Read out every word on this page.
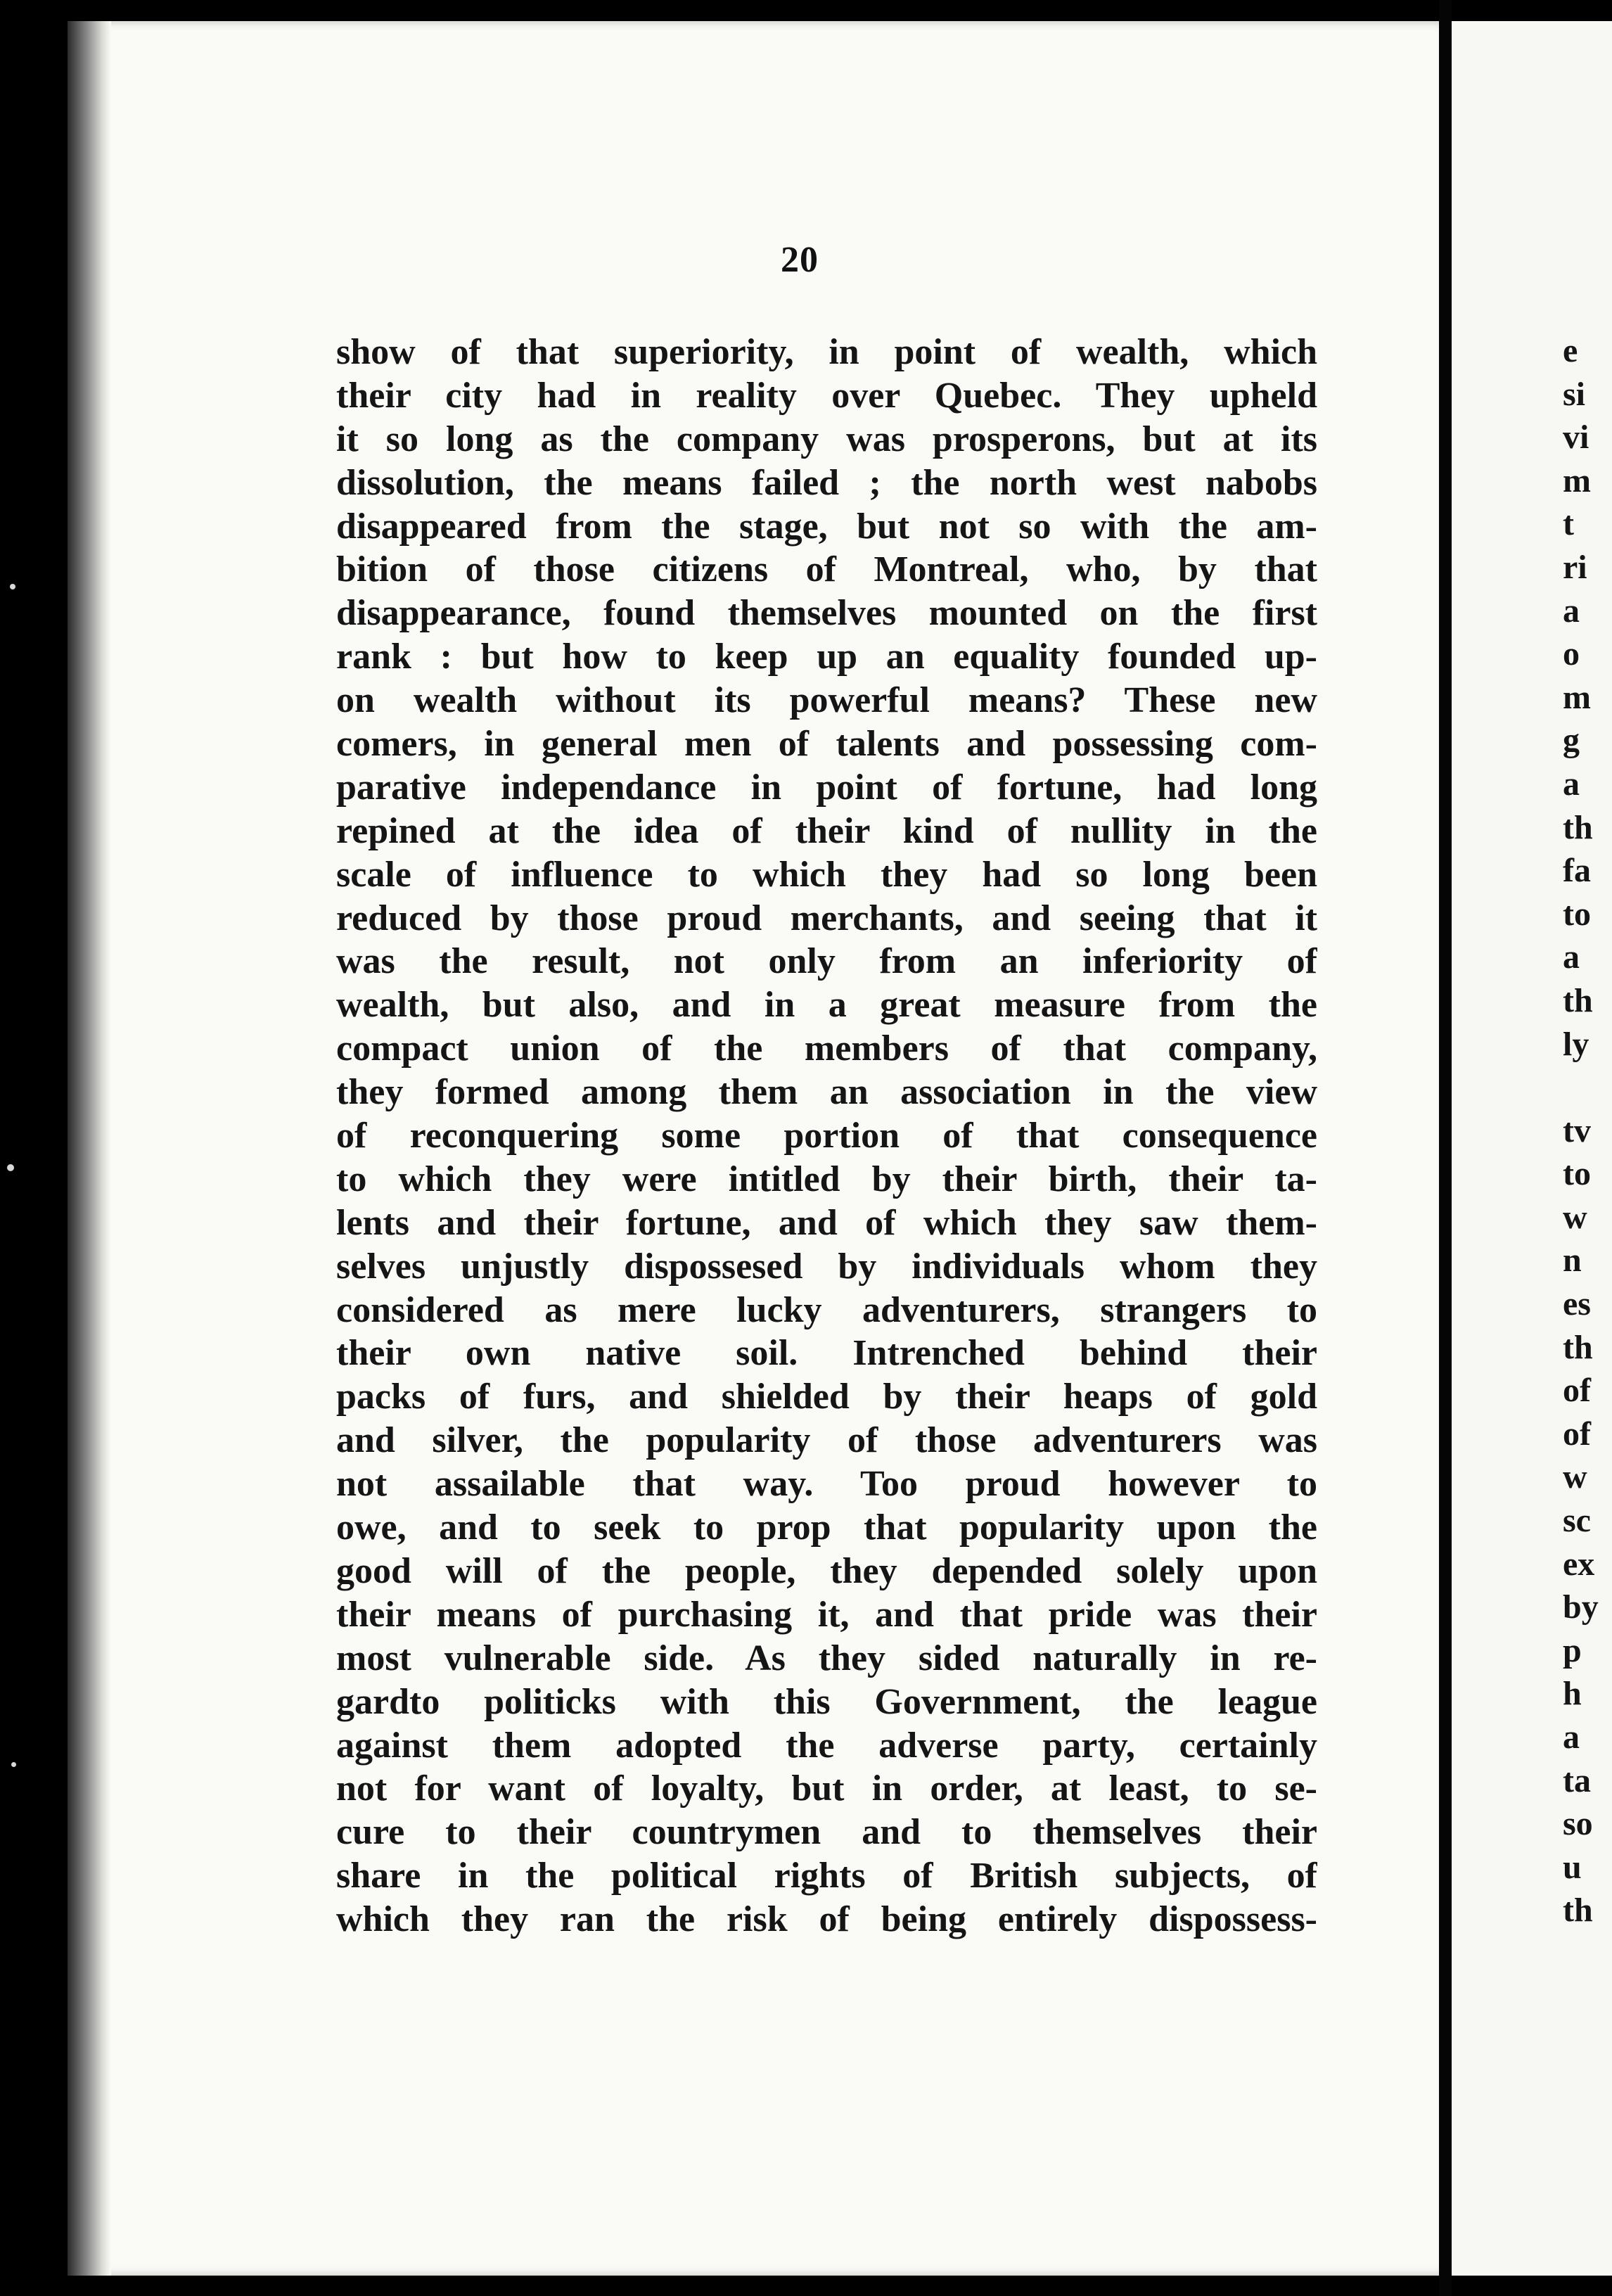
20
show of that superiority, in point of wealth, which
their city had in reality over Quebec. They upheld
it so long as the company was prosperons, but at its
dissolution, the means failed ; the north west nabobs
disappeared from the stage, but not so with the am-
bition of those citizens of Montreal, who, by that
disappearance, found themselves mounted on the first
rank : but how to keep up an equality founded up-
on wealth without its powerful means? These new
comers, in general men of talents and possessing com-
parative independance in point of fortune, had long
repined at the idea of their kind of nullity in the
scale of influence to which they had so long been
reduced by those proud merchants, and seeing that it
was the result, not only from an inferiority of
wealth, but also, and in a great measure from the
compact union of the members of that company,
they formed among them an association in the view
of reconquering some portion of that consequence
to which they were intitled by their birth, their ta-
lents and their fortune, and of which they saw them-
selves unjustly dispossesed by individuals whom they
considered as mere lucky adventurers, strangers to
their own native soil. Intrenched behind their
packs of furs, and shielded by their heaps of gold
and silver, the popularity of those adventurers was
not assailable that way. Too proud however to
owe, and to seek to prop that popularity upon the
good will of the people, they depended solely upon
their means of purchasing it, and that pride was their
most vulnerable side. As they sided naturally in re-
gardto politicks with this Government, the league
against them adopted the adverse party, certainly
not for want of loyalty, but in order, at least, to se-
cure to their countrymen and to themselves their
share in the political rights of British subjects, of
which they ran the risk of being entirely dispossess-
e
si
vi
m
t
ri
a
o
m
g
a
th
fa
to
a
th
ly
tv
to
w
n
es
th
of
of
w
sc
ex
by
p
h
a
ta
so
u
th
